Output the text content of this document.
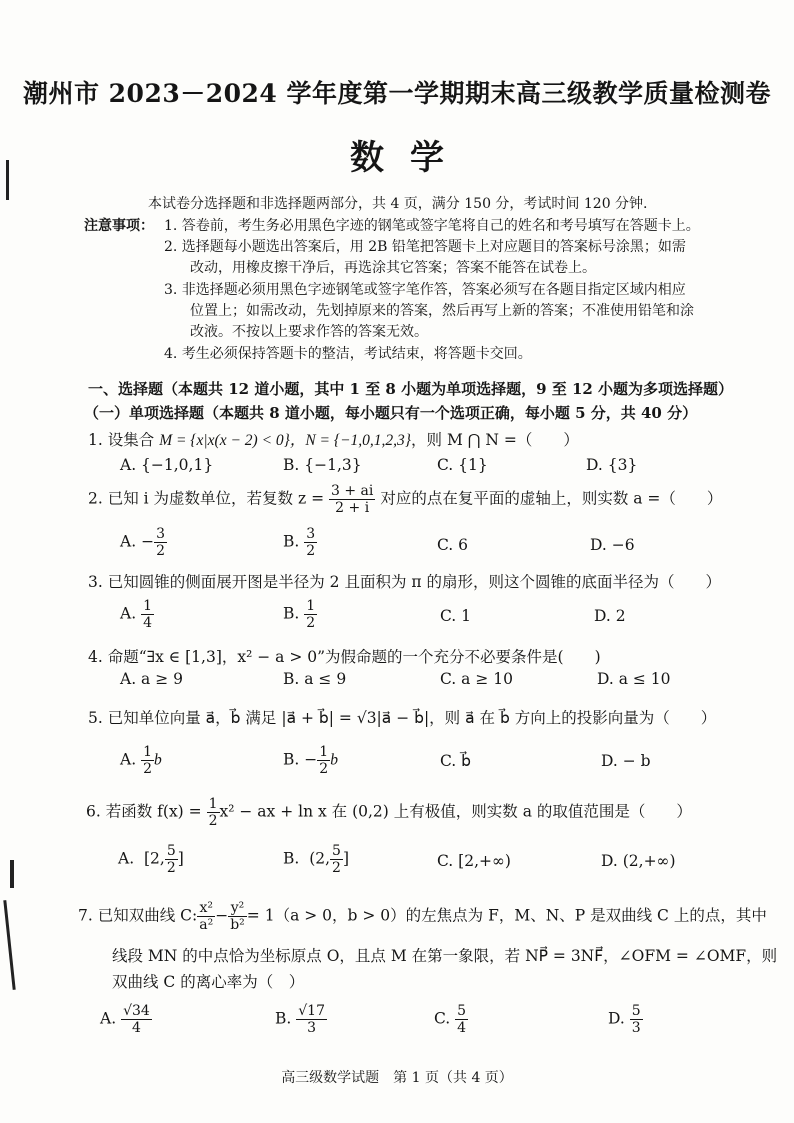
潮州市 2023－2024 学年度第一学期期末高三级教学质量检测卷
数学
本试卷分选择题和非选择题两部分，共 4 页，满分 150 分，考试时间 120 分钟.
注意事项： 1. 答卷前，考生务必用黑色字迹的钢笔或签字笔将自己的姓名和考号填写在答题卡上。
2. 选择题每小题选出答案后，用 2B 铅笔把答题卡上对应题目的答案标号涂黑；如需
改动，用橡皮擦干净后，再选涂其它答案；答案不能答在试卷上。
3. 非选择题必须用黑色字迹钢笔或签字笔作答，答案必须写在各题目指定区域内相应
位置上；如需改动，先划掉原来的答案，然后再写上新的答案；不准使用铅笔和涂
改液。不按以上要求作答的答案无效。
4. 考生必须保持答题卡的整洁，考试结束，将答题卡交回。
一、选择题（本题共 12 道小题，其中 1 至 8 小题为单项选择题，9 至 12 小题为多项选择题）
（一）单项选择题（本题共 8 道小题，每小题只有一个选项正确，每小题 5 分，共 40 分）
1. 设集合 M = {x|x(x − 2) < 0}，N = {−1,0,1,2,3}，则 M ⋂ N =（　　）
A. {−1,0,1}	B. {−1,3}	C. {1}	D. {3}
2. 已知 i 为虚数单位，若复数 $z = \frac{3 + ai}{2 + i}$ 对应的点在复平面的虚轴上，则实数 a =（　　）
A. − $\frac{3}{2}$	B. $\frac{3}{2}$	C. 6	D. −6
3. 已知圆锥的侧面展开图是半径为 2 且面积为 π 的扇形，则这个圆锥的底面半径为（　　）
A. $\frac{1}{4}$	B. $\frac{1}{2}$	C. 1	D. 2
4. 命题“∃x ∈ [1,3]，x² − a > 0”为假命题的一个充分不必要条件是(　　)
A. a ≥ 9	B. a ≤ 9	C. a ≥ 10	D. a ≤ 10
5. 已知单位向量 a⃗，b⃗ 满足 |a⃗ + b⃗| = √3|a⃗ − b⃗|，则 a⃗ 在 b⃗ 方向上的投影向量为（　　）
A. $\frac{1}{2}$ b⃗	B. − $\frac{1}{2}$ b⃗	C. b⃗	D. − b
6. 若函数 $f(x) = \frac{1}{2} x^2$ − ax + ln x 在 (0,2) 上有极值，则实数 a 的取值范围是（　　）
A. [2, $\frac{5}{2}$ ]	B. (2, $\frac{5}{2}$ ]	C. [2,+∞)	D. (2,+∞)
7. 已知双曲线 C: $\frac{\text{x²}}{\text{a²}} - \frac{\text{y²}}{\text{b²}} = 1(a > 0$，b > 0）的左焦点为 F，M、N、P 是双曲线 C 上的点，其中
线段 MN 的中点恰为坐标原点 O，且点 M 在第一象限，若 NP⃗ = 3NF⃗，∠OFM = ∠OMF，则
双曲线 C 的离心率为（　）
A. $\frac{√34}{4}$	B. $\frac{√17}{3}$	C. $\frac{5}{4}$	D. $\frac{5}{3}$
高三级数学试题　第 1 页（共 4 页）
